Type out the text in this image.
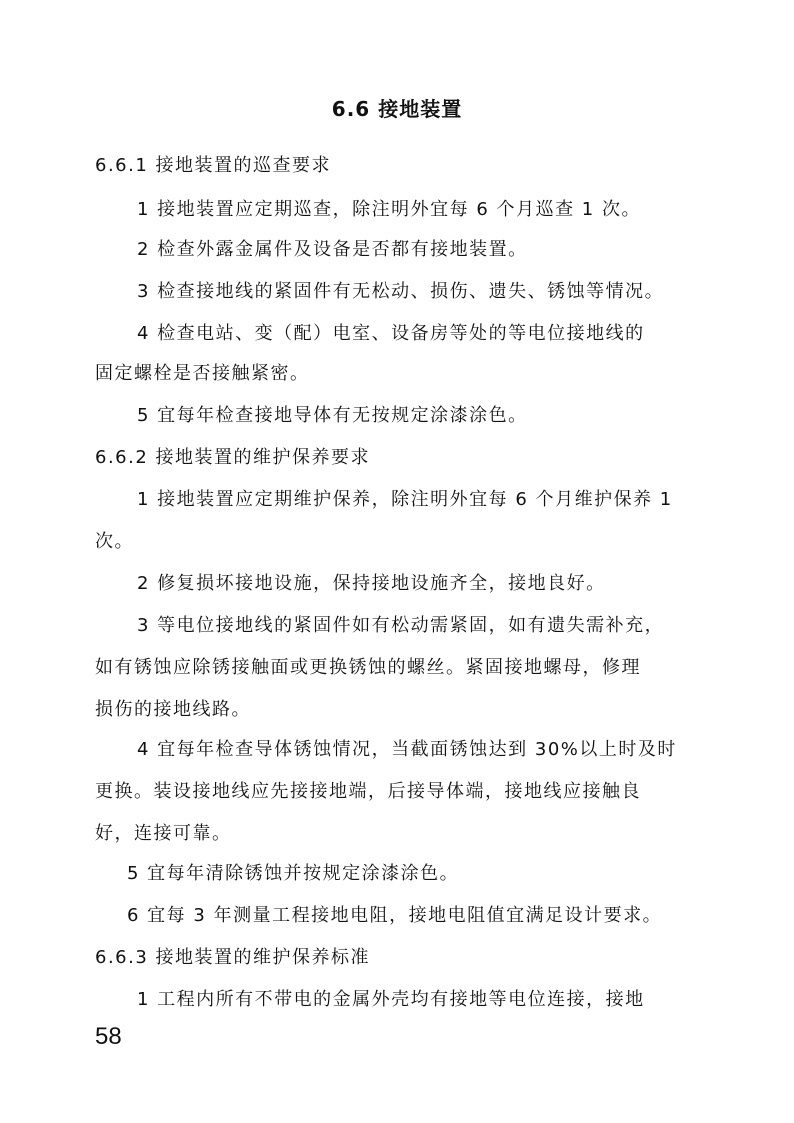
6.6 接地装置
6.6.1 接地装置的巡查要求
1 接地装置应定期巡查，除注明外宜每 6 个月巡查 1 次。
2 检查外露金属件及设备是否都有接地装置。
3 检查接地线的紧固件有无松动、损伤、遗失、锈蚀等情况。
4 检查电站、变（配）电室、设备房等处的等电位接地线的
固定螺栓是否接触紧密。
5 宜每年检查接地导体有无按规定涂漆涂色。
6.6.2 接地装置的维护保养要求
1 接地装置应定期维护保养，除注明外宜每 6 个月维护保养 1
次。
2 修复损坏接地设施，保持接地设施齐全，接地良好。
3 等电位接地线的紧固件如有松动需紧固，如有遗失需补充，
如有锈蚀应除锈接触面或更换锈蚀的螺丝。紧固接地螺母，修理
损伤的接地线路。
4 宜每年检查导体锈蚀情况，当截面锈蚀达到 30%以上时及时
更换。装设接地线应先接接地端，后接导体端，接地线应接触良
好，连接可靠。
5 宜每年清除锈蚀并按规定涂漆涂色。
6 宜每 3 年测量工程接地电阻，接地电阻值宜满足设计要求。
6.6.3 接地装置的维护保养标准
1 工程内所有不带电的金属外壳均有接地等电位连接，接地
58
